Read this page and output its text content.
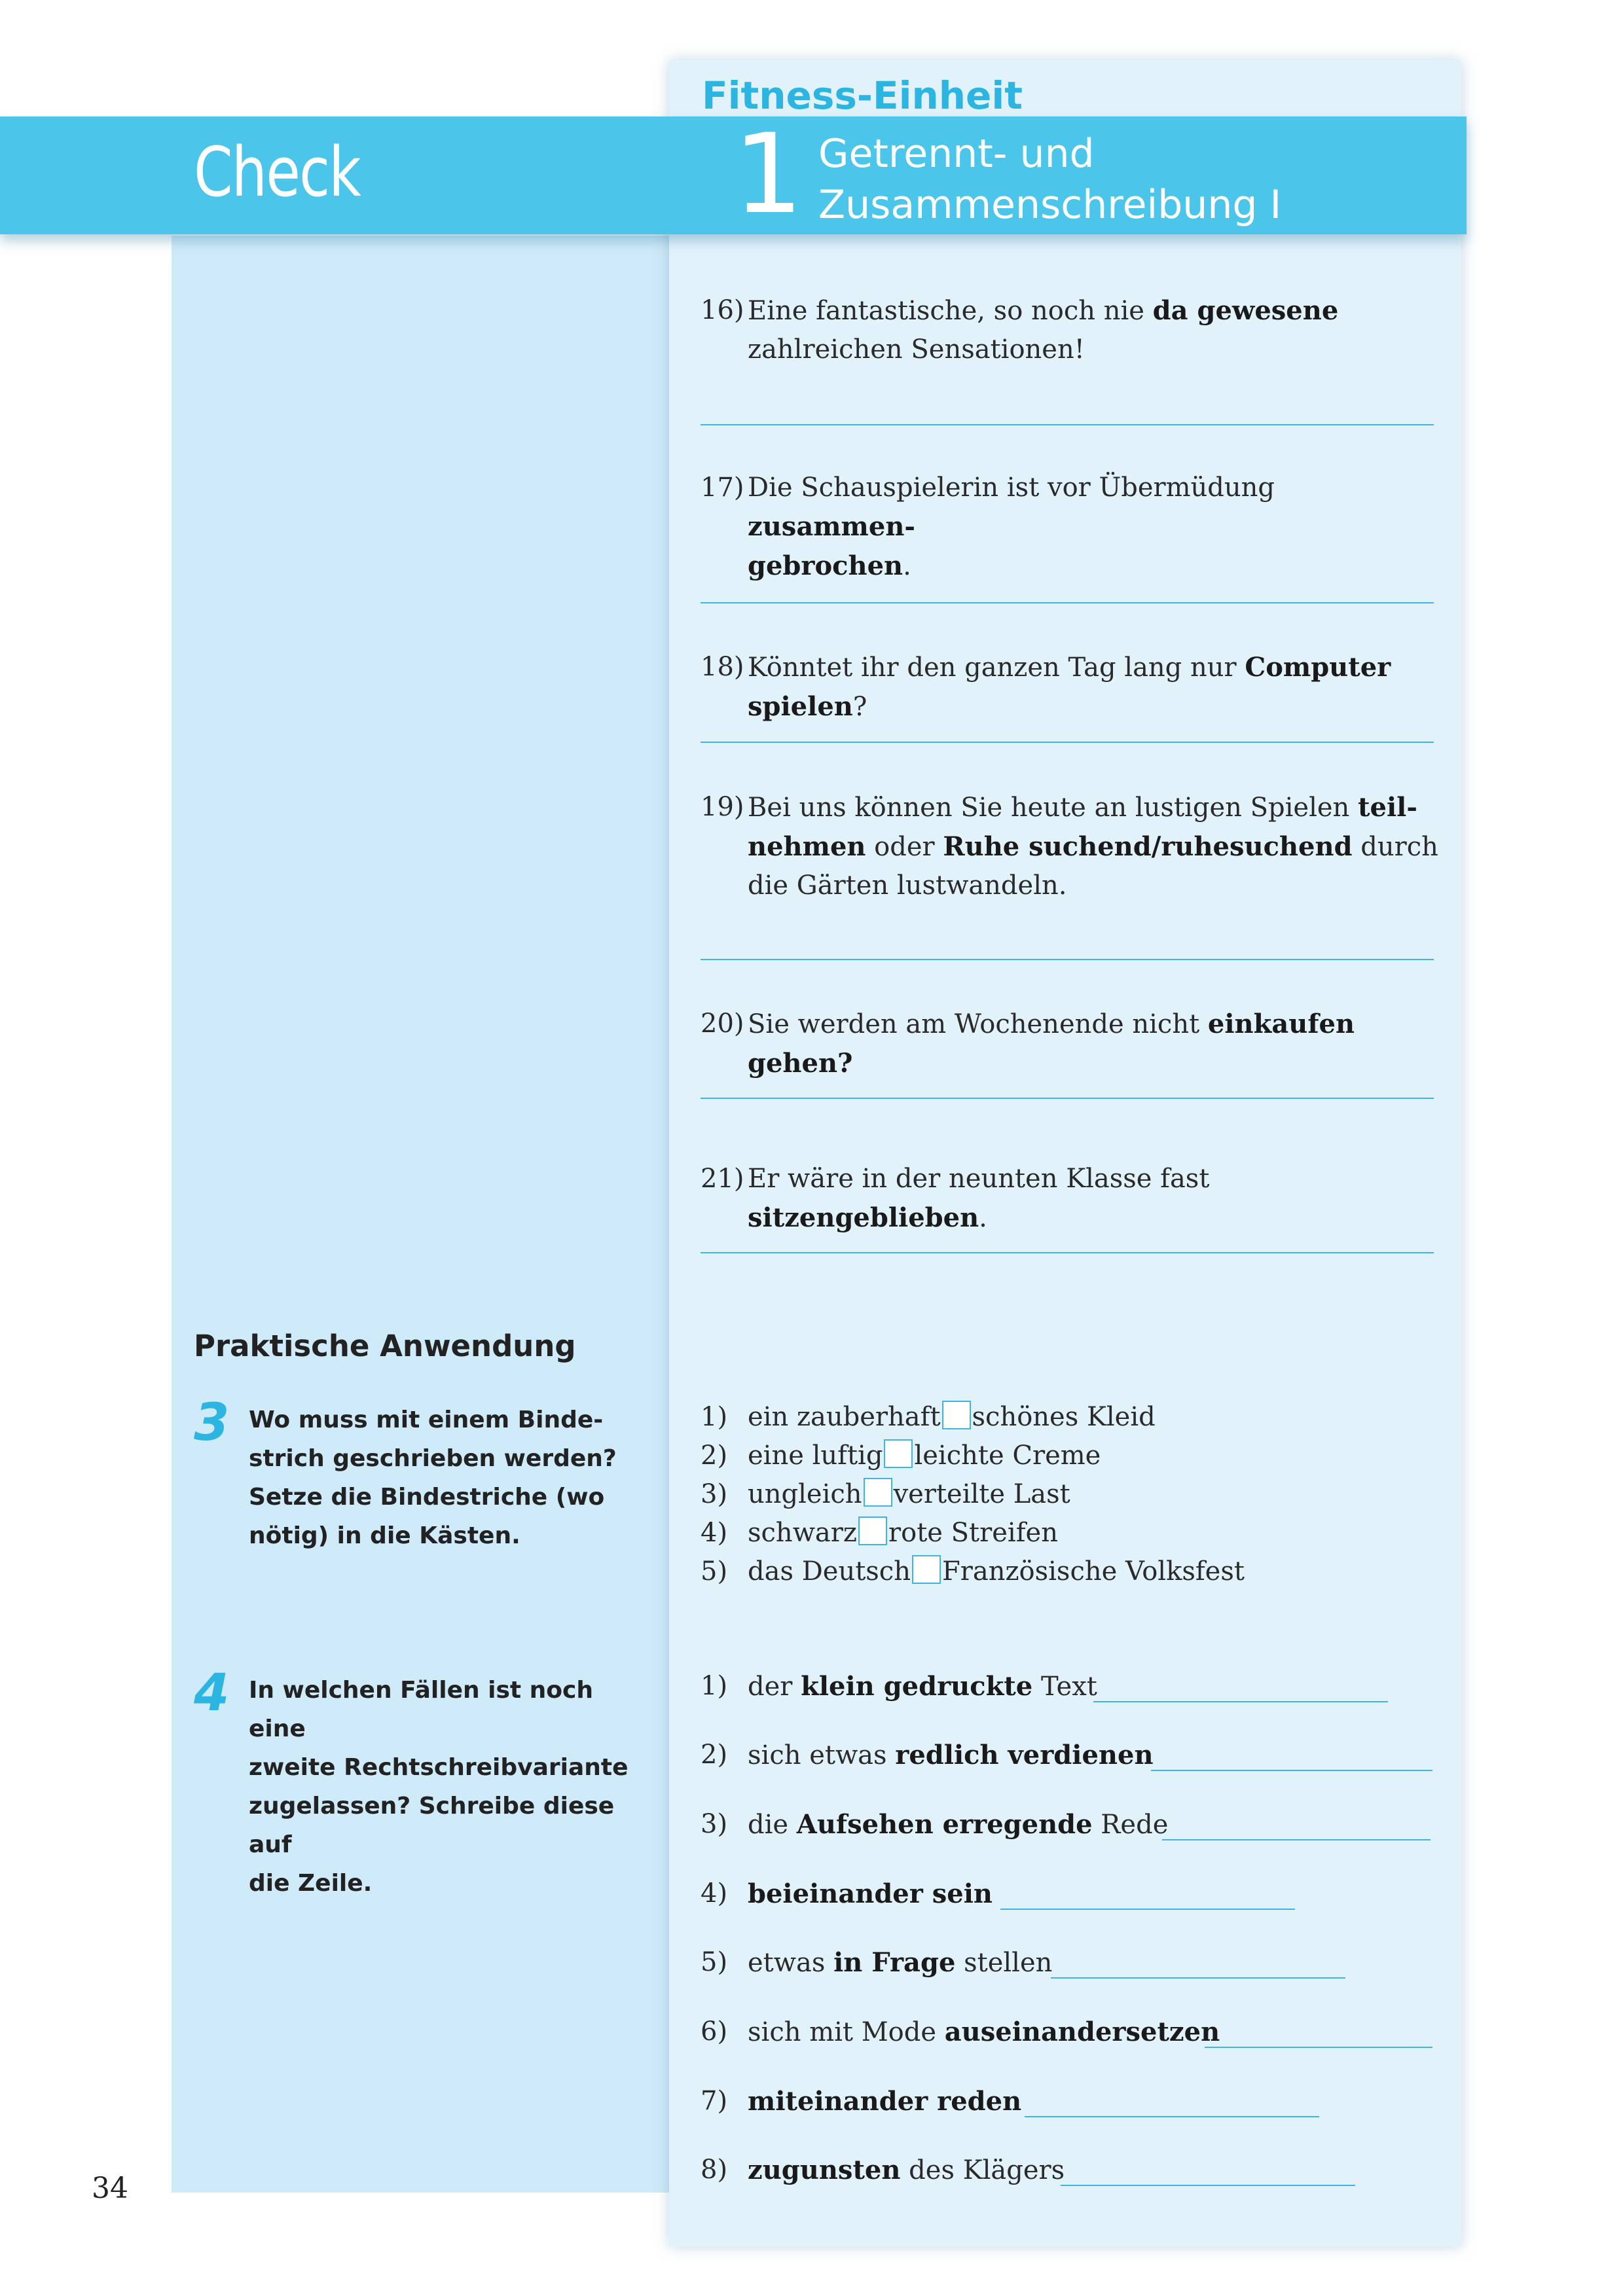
Check
Fitness-Einheit
1 Getrennt- und
Zusammenschreibung I
16) Eine fantastische, so noch nie da gewesene
zahlreichen Sensationen!
17) Die Schauspielerin ist vor Übermüdung zusammen-
gebrochen.
18) Könntet ihr den ganzen Tag lang nur Computer spielen?
19) Bei uns können Sie heute an lustigen Spielen teil-
nehmen oder Ruhe suchend/ruhesuchend durch
die Gärten lustwandeln.
20) Sie werden am Wochenende nicht einkaufen gehen?
21) Er wäre in der neunten Klasse fast sitzengeblieben.
Praktische Anwendung
3 Wo muss mit einem Binde-
strich geschrieben werden?
Setze die Bindestriche (wo
nötig) in die Kästen.
1) ein zauberhaft schönes Kleid
2) eine luftig leichte Creme
3) ungleich verteilte Last
4) schwarz rote Streifen
5) das Deutsch Französische Volksfest
4 In welchen Fällen ist noch eine
zweite Rechtschreibvariante
zugelassen? Schreibe diese auf
die Zeile.
1) der klein gedruckte Text
2) sich etwas redlich verdienen
3) die Aufsehen erregende Rede
4) beieinander sein
5) etwas in Frage stellen
6) sich mit Mode auseinandersetzen
7) miteinander reden
8) zugunsten des Klägers
34
